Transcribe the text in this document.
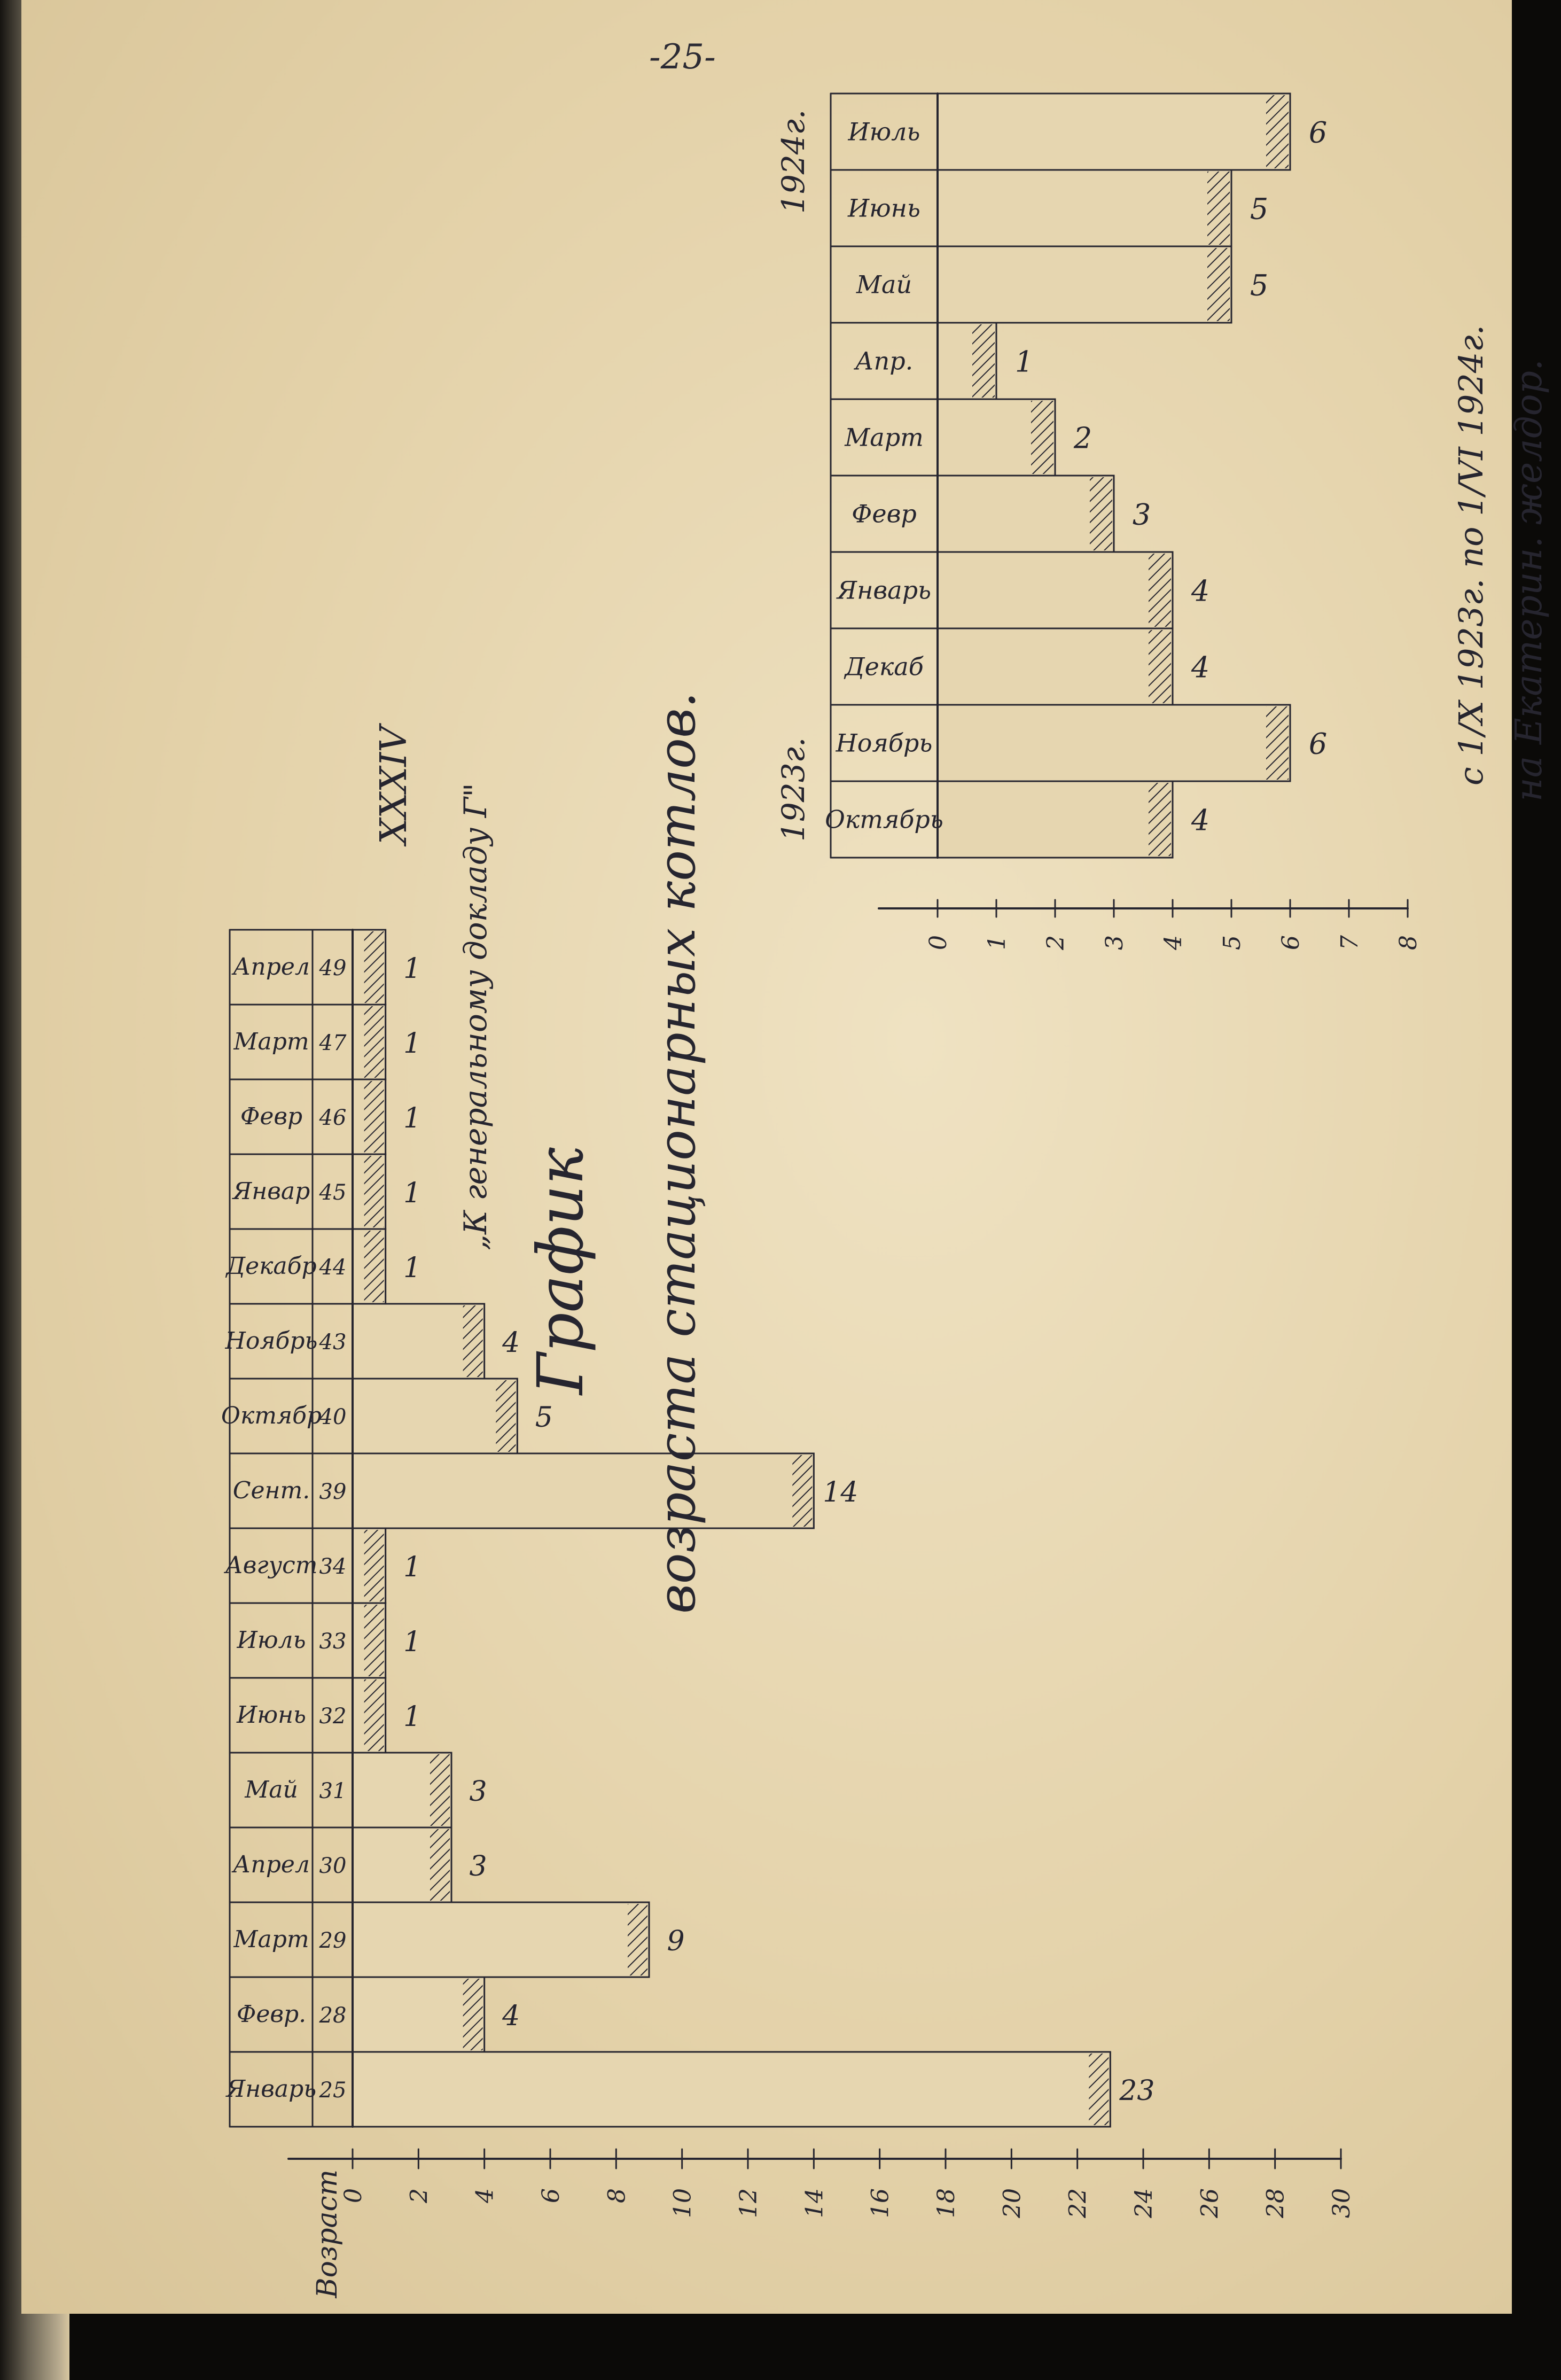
-25-
0 2 4 6 8 10 12 14 16 18 20 22 24 26 28 30
23
4
9
3
3
1
1
1
14
5
4
1
1
1
1
1
25
28
29
30
31
32
33
34
39
40
43
44
45
46
47
49
Январь
Февр.
Март
Апрел
Май
Июнь
Июль
Август
Сент.
Октябр
Ноябрь
Декабр
Январ
Февр
Март
Апрел
Возраст
XXXIV „К генеральному докладу Г"
График возраста стационарных котлов.	0 1 2 3 4 5 6 7 8
4
6
4
4
3
2
1
5
5
6
Октябрь
Ноябрь
Декаб
Январь
Февр
Март
Апр.
Май
Июнь
Июль
1923г.
1924г.
на Екатерин. желдор.
с 1/X 1923г. по 1/VI 1924г.
